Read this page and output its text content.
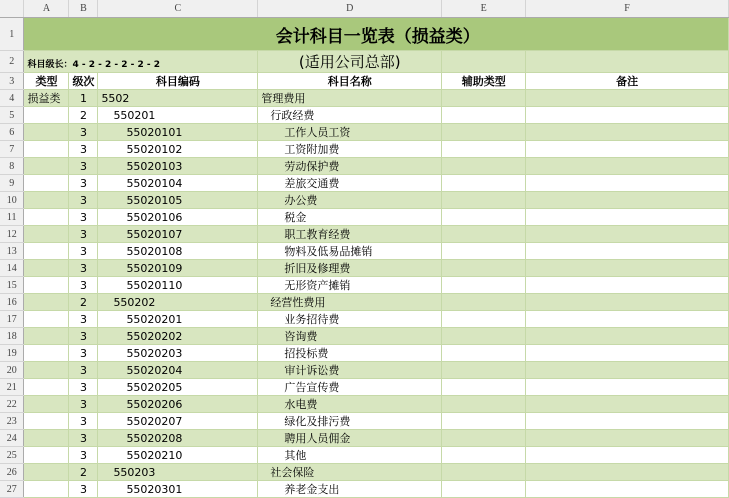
	A	B	C	D	E	F
1	会计科目一览表（损益类）					
2	科目级长：4 - 2 - 2 - 2 - 2 - 2			(适用公司总部)		
3	类型	级次	科目编码	科目名称	辅助类型	备注
4	损益类	1	5502	管理费用		
5		2	550201	行政经费		
6		3	55020101	工作人员工资		
7		3	55020102	工资附加费		
8		3	55020103	劳动保护费		
9		3	55020104	差旅交通费		
10		3	55020105	办公费		
11		3	55020106	税金		
12		3	55020107	职工教育经费		
13		3	55020108	物料及低易品摊销		
14		3	55020109	折旧及修理费		
15		3	55020110	无形资产摊销		
16		2	550202	经营性费用		
17		3	55020201	业务招待费		
18		3	55020202	咨询费		
19		3	55020203	招投标费		
20		3	55020204	审计诉讼费		
21		3	55020205	广告宣传费		
22		3	55020206	水电费		
23		3	55020207	绿化及排污费		
24		3	55020208	聘用人员佣金		
25		3	55020210	其他		
26		2	550203	社会保险		
27		3	55020301	养老金支出		
